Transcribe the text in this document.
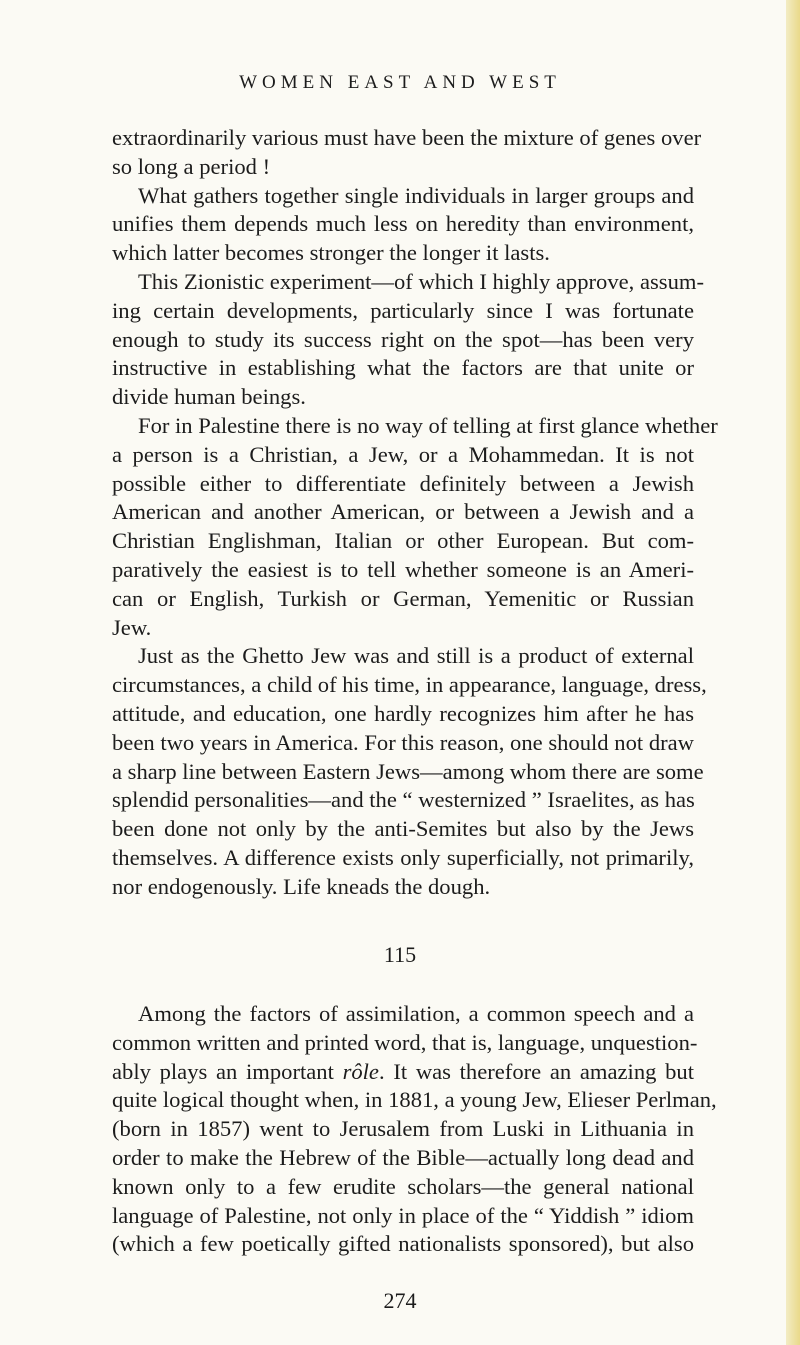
WOMEN EAST AND WEST
extraordinarily various must have been the mixture of genes over
so long a period !
What gathers together single individuals in larger groups and
unifies them depends much less on heredity than environment,
which latter becomes stronger the longer it lasts.
This Zionistic experiment—of which I highly approve, assum-
ing certain developments, particularly since I was fortunate
enough to study its success right on the spot—has been very
instructive in establishing what the factors are that unite or
divide human beings.
For in Palestine there is no way of telling at first glance whether
a person is a Christian, a Jew, or a Mohammedan. It is not
possible either to differentiate definitely between a Jewish
American and another American, or between a Jewish and a
Christian Englishman, Italian or other European. But com-
paratively the easiest is to tell whether someone is an Ameri-
can or English, Turkish or German, Yemenitic or Russian
Jew.
Just as the Ghetto Jew was and still is a product of external
circumstances, a child of his time, in appearance, language, dress,
attitude, and education, one hardly recognizes him after he has
been two years in America. For this reason, one should not draw
a sharp line between Eastern Jews—among whom there are some
splendid personalities—and the “ westernized ” Israelites, as has
been done not only by the anti-Semites but also by the Jews
themselves. A difference exists only superficially, not primarily,
nor endogenously. Life kneads the dough.
115
Among the factors of assimilation, a common speech and a
common written and printed word, that is, language, unquestion-
ably plays an important rôle. It was therefore an amazing but
quite logical thought when, in 1881, a young Jew, Elieser Perlman,
(born in 1857) went to Jerusalem from Luski in Lithuania in
order to make the Hebrew of the Bible—actually long dead and
known only to a few erudite scholars—the general national
language of Palestine, not only in place of the “ Yiddish ” idiom
(which a few poetically gifted nationalists sponsored), but also
274
